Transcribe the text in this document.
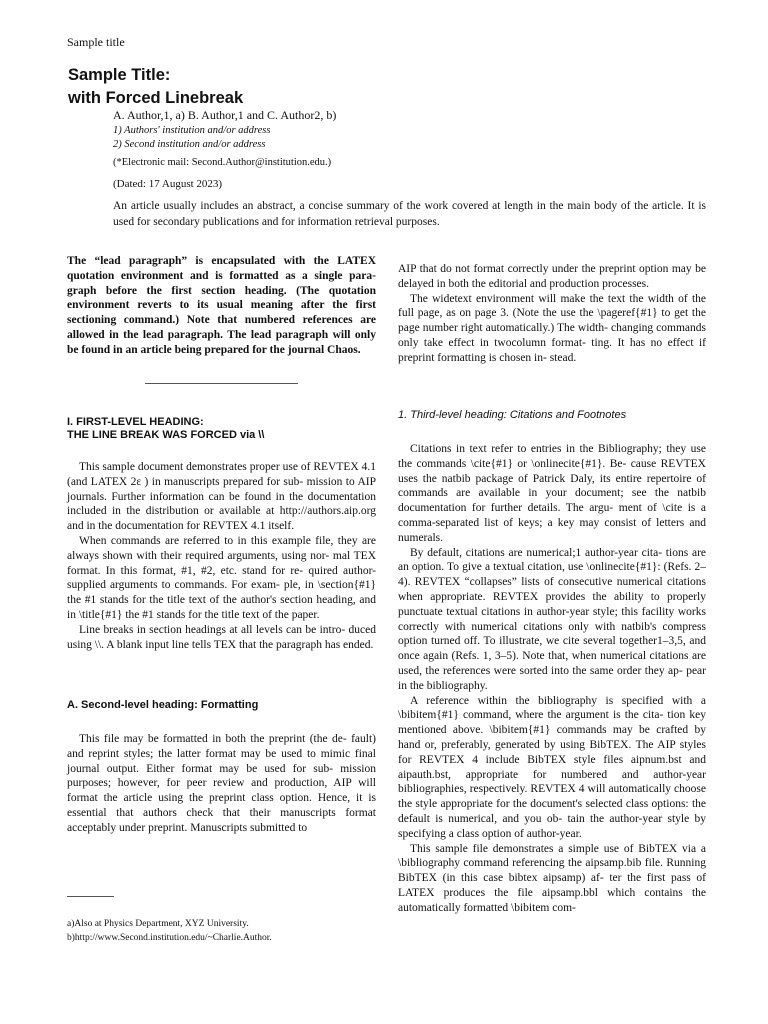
Sample title
Sample Title:
with Forced Linebreak
A. Author,1, a) B. Author,1 and C. Author2, b)
1) Authors' institution and/or address
2) Second institution and/or address
(*Electronic mail: Second.Author@institution.edu.)
(Dated: 17 August 2023)
An article usually includes an abstract, a concise summary of the work covered at length in the main body of the article. It is used for secondary publications and for information retrieval purposes.

The “lead paragraph” is encapsulated with the LATEX quotation environment and is formatted as a single para- graph before the first section heading. (The quotation environment reverts to its usual meaning after the first sectioning command.) Note that numbered references are allowed in the lead paragraph. The lead paragraph will only be found in an article being prepared for the journal Chaos.

I. FIRST-LEVEL HEADING:
THE LINE BREAK WAS FORCED via \\

This sample document demonstrates proper use of REVTEX 4.1 (and LATEX 2ε ) in manuscripts prepared for sub- mission to AIP journals. Further information can be found in the documentation included in the distribution or available at http://authors.aip.org and in the documentation for REVTEX 4.1 itself.

When commands are referred to in this example file, they are always shown with their required arguments, using nor- mal TEX format. In this format, #1, #2, etc. stand for re- quired author-supplied arguments to commands. For exam- ple, in \section{#1} the #1 stands for the title text of the author's section heading, and in \title{#1} the #1 stands for the title text of the paper.

Line breaks in section headings at all levels can be intro- duced using \\. A blank input line tells TEX that the paragraph has ended.

A. Second-level heading: Formatting

This file may be formatted in both the preprint (the de- fault) and reprint styles; the latter format may be used to mimic final journal output. Either format may be used for sub- mission purposes; however, for peer review and production, AIP will format the article using the preprint class option. Hence, it is essential that authors check that their manuscripts format acceptably under preprint. Manuscripts submitted to

a)Also at Physics Department, XYZ University.
b)http://www.Second.institution.edu/~Charlie.Author.

AIP that do not format correctly under the preprint option may be delayed in both the editorial and production processes.

The widetext environment will make the text the width of the full page, as on page 3. (Note the use the \pageref{#1} to get the page number right automatically.) The width- changing commands only take effect in twocolumn format- ting. It has no effect if preprint formatting is chosen in- stead.

1. Third-level heading: Citations and Footnotes

Citations in text refer to entries in the Bibliography; they use the commands \cite{#1} or \onlinecite{#1}. Be- cause REVTEX uses the natbib package of Patrick Daly, its entire repertoire of commands are available in your document; see the natbib documentation for further details. The argu- ment of \cite is a comma-separated list of keys; a key may consist of letters and numerals.

By default, citations are numerical;1 author-year cita- tions are an option. To give a textual citation, use \onlinecite{#1}: (Refs. 2–4). REVTEX “collapses” lists of consecutive numerical citations when appropriate. REVTEX provides the ability to properly punctuate textual citations in author-year style; this facility works correctly with numerical citations only with natbib's compress option turned off. To illustrate, we cite several together1–3,5, and once again (Refs. 1, 3–5). Note that, when numerical citations are used, the references were sorted into the same order they ap- pear in the bibliography.

A reference within the bibliography is specified with a \bibitem{#1} command, where the argument is the cita- tion key mentioned above. \bibitem{#1} commands may be crafted by hand or, preferably, generated by using BibTEX. The AIP styles for REVTEX 4 include BibTEX style files aipnum.bst and aipauth.bst, appropriate for numbered and author-year bibliographies, respectively. REVTEX 4 will automatically choose the style appropriate for the document's selected class options: the default is numerical, and you ob- tain the author-year style by specifying a class option of author-year.

This sample file demonstrates a simple use of BibTEX via a \bibliography command referencing the aipsamp.bib file. Running BibTEX (in this case bibtex aipsamp) af- ter the first pass of LATEX produces the file aipsamp.bbl which contains the automatically formatted \bibitem com-
